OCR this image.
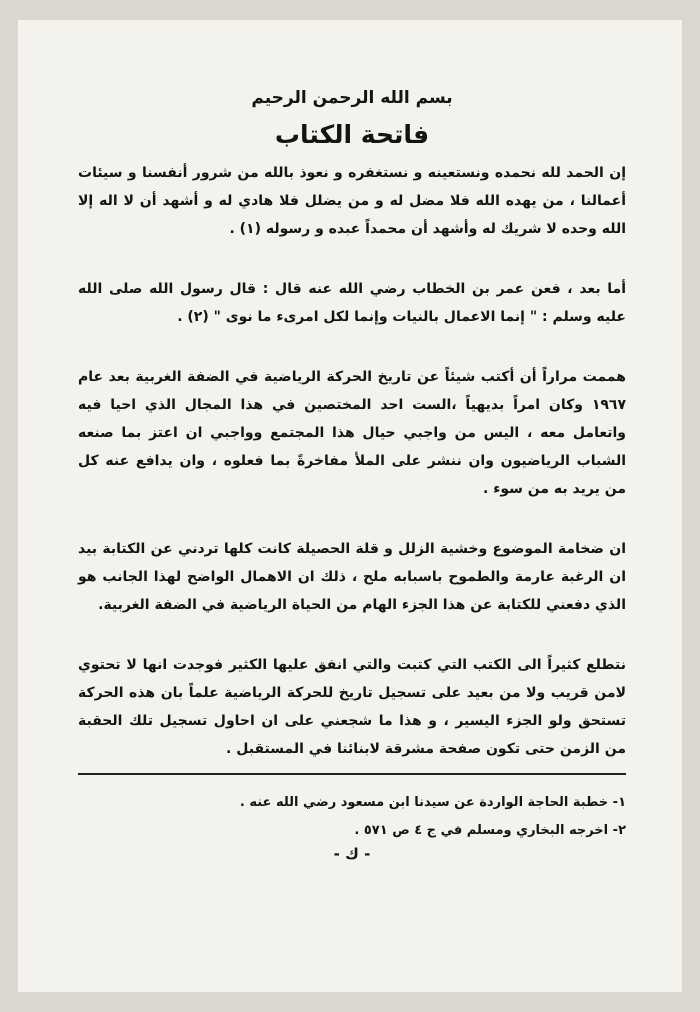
بسم الله الرحمن الرحيم
فاتحة الكتاب

إن الحمد لله نحمده ونستعينه و نستغفره و نعوذ بالله من شرور أنفسنا و سيئات أعمالنا ، من يهده الله فلا مضل له و من يضلل فلا هادي له و أشهد أن لا اله إلا الله وحده لا شريك له وأشهد أن محمداً عبده و رسوله (١) .

أما بعد ، فعن عمر بن الخطاب رضي الله عنه قال : قال رسول الله صلى الله عليه وسلم : " إنما الاعمال بالنيات وإنما لكل امرىء ما نوى " (٢) .

هممت مراراً أن أكتب شيئاً عن تاريخ الحركة الرياضية في الضفة الغربية بعد عام ١٩٦٧ وكان امراً بديهياً ،الست احد المختصين في هذا المجال الذي احيا فيه واتعامل معه ، اليس من واجبي حيال هذا المجتمع وواجبي ان اعتز بما صنعه الشباب الرياضيون وان ننشر على الملأ مفاخرةً بما فعلوه ، وان يدافع عنه كل من يريد به من سوء .

ان ضخامة الموضوع وخشية الزلل و قلة الحصيلة كانت كلها تردني عن الكتابة بيد ان الرغبة عارمة والطموح باسبابه ملح ، ذلك ان الاهمال الواضح لهذا الجانب هو الذي دفعني للكتابة عن هذا الجزء الهام من الحياة الرياضية في الضفة الغربية.

نتطلع كثيراً الى الكتب التي كتبت والتي انفق عليها الكثير فوجدت انها لا تحتوي لامن قريب ولا من بعيد على تسجيل تاريخ للحركة الرياضية علماً بان هذه الحركة تستحق ولو الجزء اليسير ، و هذا ما شجعني على ان احاول تسجيل تلك الحقبة من الزمن حتى تكون صفحة مشرقة لابنائنا في المستقبل .

١- خطبة الحاجة الواردة عن سيدنا ابن مسعود رضي الله عنه .

٢- اخرجه البخاري ومسلم في ج ٤ ص ٥٧١ .

- ك -
